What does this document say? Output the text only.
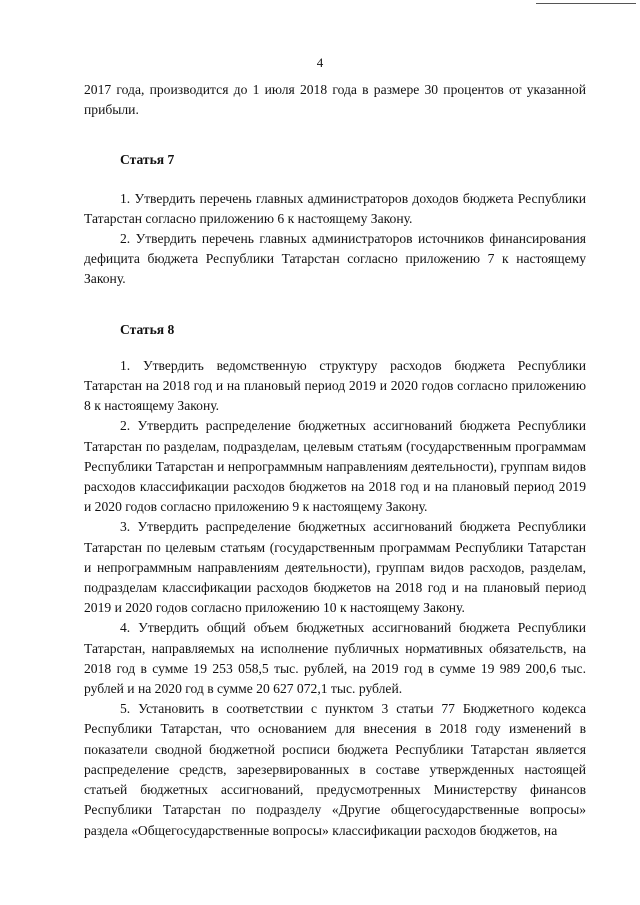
4

2017 года, производится до 1 июля 2018 года в размере 30 процентов от указанной прибыли.

Статья 7

1. Утвердить перечень главных администраторов доходов бюджета Республики Татарстан согласно приложению 6 к настоящему Закону.

2. Утвердить перечень главных администраторов источников финансирования дефицита бюджета Республики Татарстан согласно приложению 7 к настоящему Закону.

Статья 8

1. Утвердить ведомственную структуру расходов бюджета Республики Татарстан на 2018 год и на плановый период 2019 и 2020 годов согласно приложению 8 к настоящему Закону.

2. Утвердить распределение бюджетных ассигнований бюджета Республики Татарстан по разделам, подразделам, целевым статьям (государственным программам Республики Татарстан и непрограммным направлениям деятельности), группам видов расходов классификации расходов бюджетов на 2018 год и на плановый период 2019 и 2020 годов согласно приложению 9 к настоящему Закону.

3. Утвердить распределение бюджетных ассигнований бюджета Республики Татарстан по целевым статьям (государственным программам Республики Татарстан и непрограммным направлениям деятельности), группам видов расходов, разделам, подразделам классификации расходов бюджетов на 2018 год и на плановый период 2019 и 2020 годов согласно приложению 10 к настоящему Закону.

4. Утвердить общий объем бюджетных ассигнований бюджета Республики Татарстан, направляемых на исполнение публичных нормативных обязательств, на 2018 год в сумме 19 253 058,5 тыс. рублей, на 2019 год в сумме 19 989 200,6 тыс. рублей и на 2020 год в сумме 20 627 072,1 тыс. рублей.

5. Установить в соответствии с пунктом 3 статьи 77 Бюджетного кодекса Республики Татарстан, что основанием для внесения в 2018 году изменений в показатели сводной бюджетной росписи бюджета Республики Татарстан является распределение средств, зарезервированных в составе утвержденных настоящей статьей бюджетных ассигнований, предусмотренных Министерству финансов Республики Татарстан по подразделу «Другие общегосударственные вопросы» раздела «Общегосударственные вопросы» классификации расходов бюджетов, на
